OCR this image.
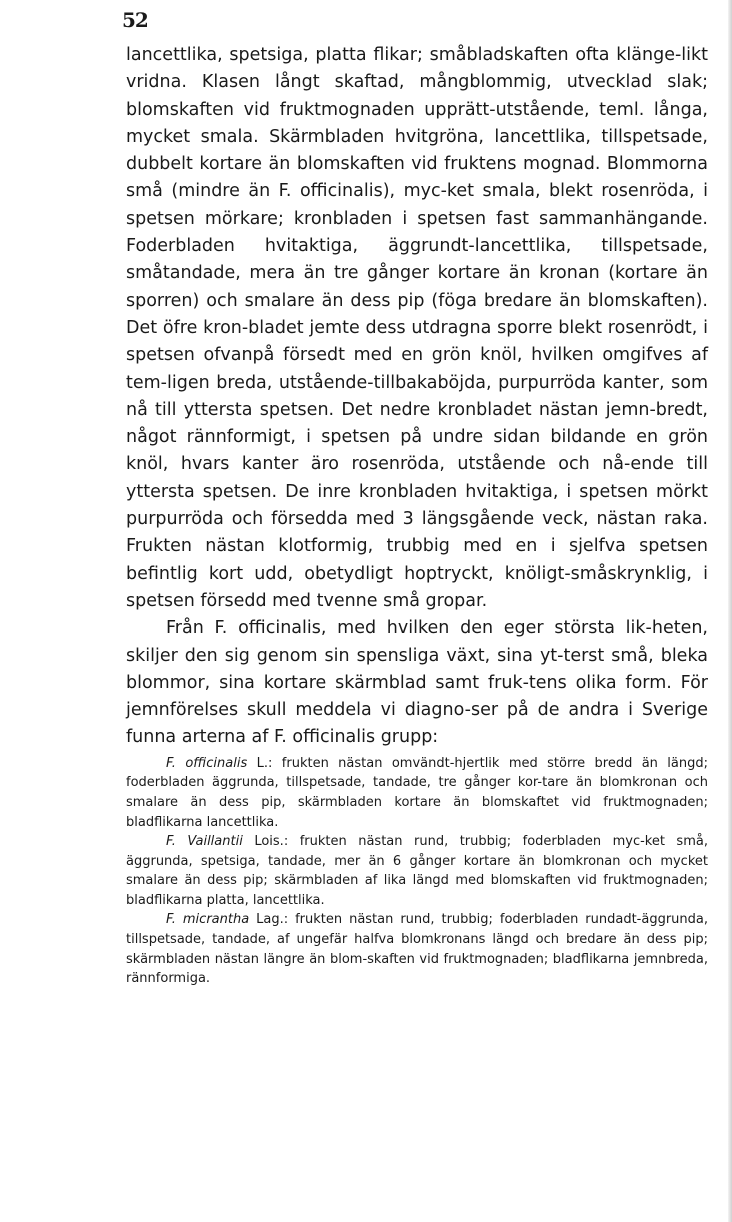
52

lancettlika, spetsiga, platta flikar; småbladskaften ofta klänge-likt vridna. Klasen långt skaftad, mångblommig, utvecklad slak; blomskaften vid fruktmognaden upprätt-utstående, teml. långa, mycket smala. Skärmbladen hvitgröna, lancettlika, tillspetsade, dubbelt kortare än blomskaften vid fruktens mognad. Blommorna små (mindre än F. officinalis), myc-ket smala, blekt rosenröda, i spetsen mörkare; kronbladen i spetsen fast sammanhängande. Foderbladen hvitaktiga, äggrundt-lancettlika, tillspetsade, småtandade, mera än tre gånger kortare än kronan (kortare än sporren) och smalare än dess pip (föga bredare än blomskaften). Det öfre kron-bladet jemte dess utdragna sporre blekt rosenrödt, i spetsen ofvanpå försedt med en grön knöl, hvilken omgifves af tem-ligen breda, utstående-tillbakaböjda, purpurröda kanter, som nå till yttersta spetsen. Det nedre kronbladet nästan jemn-bredt, något rännformigt, i spetsen på undre sidan bildande en grön knöl, hvars kanter äro rosenröda, utstående och nå-ende till yttersta spetsen. De inre kronbladen hvitaktiga, i spetsen mörkt purpurröda och försedda med 3 längsgående veck, nästan raka. Frukten nästan klotformig, trubbig med en i sjelfva spetsen befintlig kort udd, obetydligt hoptryckt, knöligt-småskrynklig, i spetsen försedd med tvenne små gropar.

Från F. officinalis, med hvilken den eger största lik-heten, skiljer den sig genom sin spensliga växt, sina yt-terst små, bleka blommor, sina kortare skärmblad samt fruk-tens olika form. För jemnförelses skull meddela vi diagno-ser på de andra i Sverige funna arterna af F. officinalis grupp:

F. officinalis L.: frukten nästan omvändt-hjertlik med större bredd än längd; foderbladen äggrunda, tillspetsade, tandade, tre gånger kor-tare än blomkronan och smalare än dess pip, skärmbladen kortare än blomskaftet vid fruktmognaden; bladflikarna lancettlika.

F. Vaillantii Lois.: frukten nästan rund, trubbig; foderbladen myc-ket små, äggrunda, spetsiga, tandade, mer än 6 gånger kortare än blomkronan och mycket smalare än dess pip; skärmbladen af lika längd med blomskaften vid fruktmognaden; bladflikarna platta, lancettlika.

F. micrantha Lag.: frukten nästan rund, trubbig; foderbladen rundadt-äggrunda, tillspetsade, tandade, af ungefär halfva blomkronans längd och bredare än dess pip; skärmbladen nästan längre än blom-skaften vid fruktmognaden; bladflikarna jemnbreda, rännformiga.
